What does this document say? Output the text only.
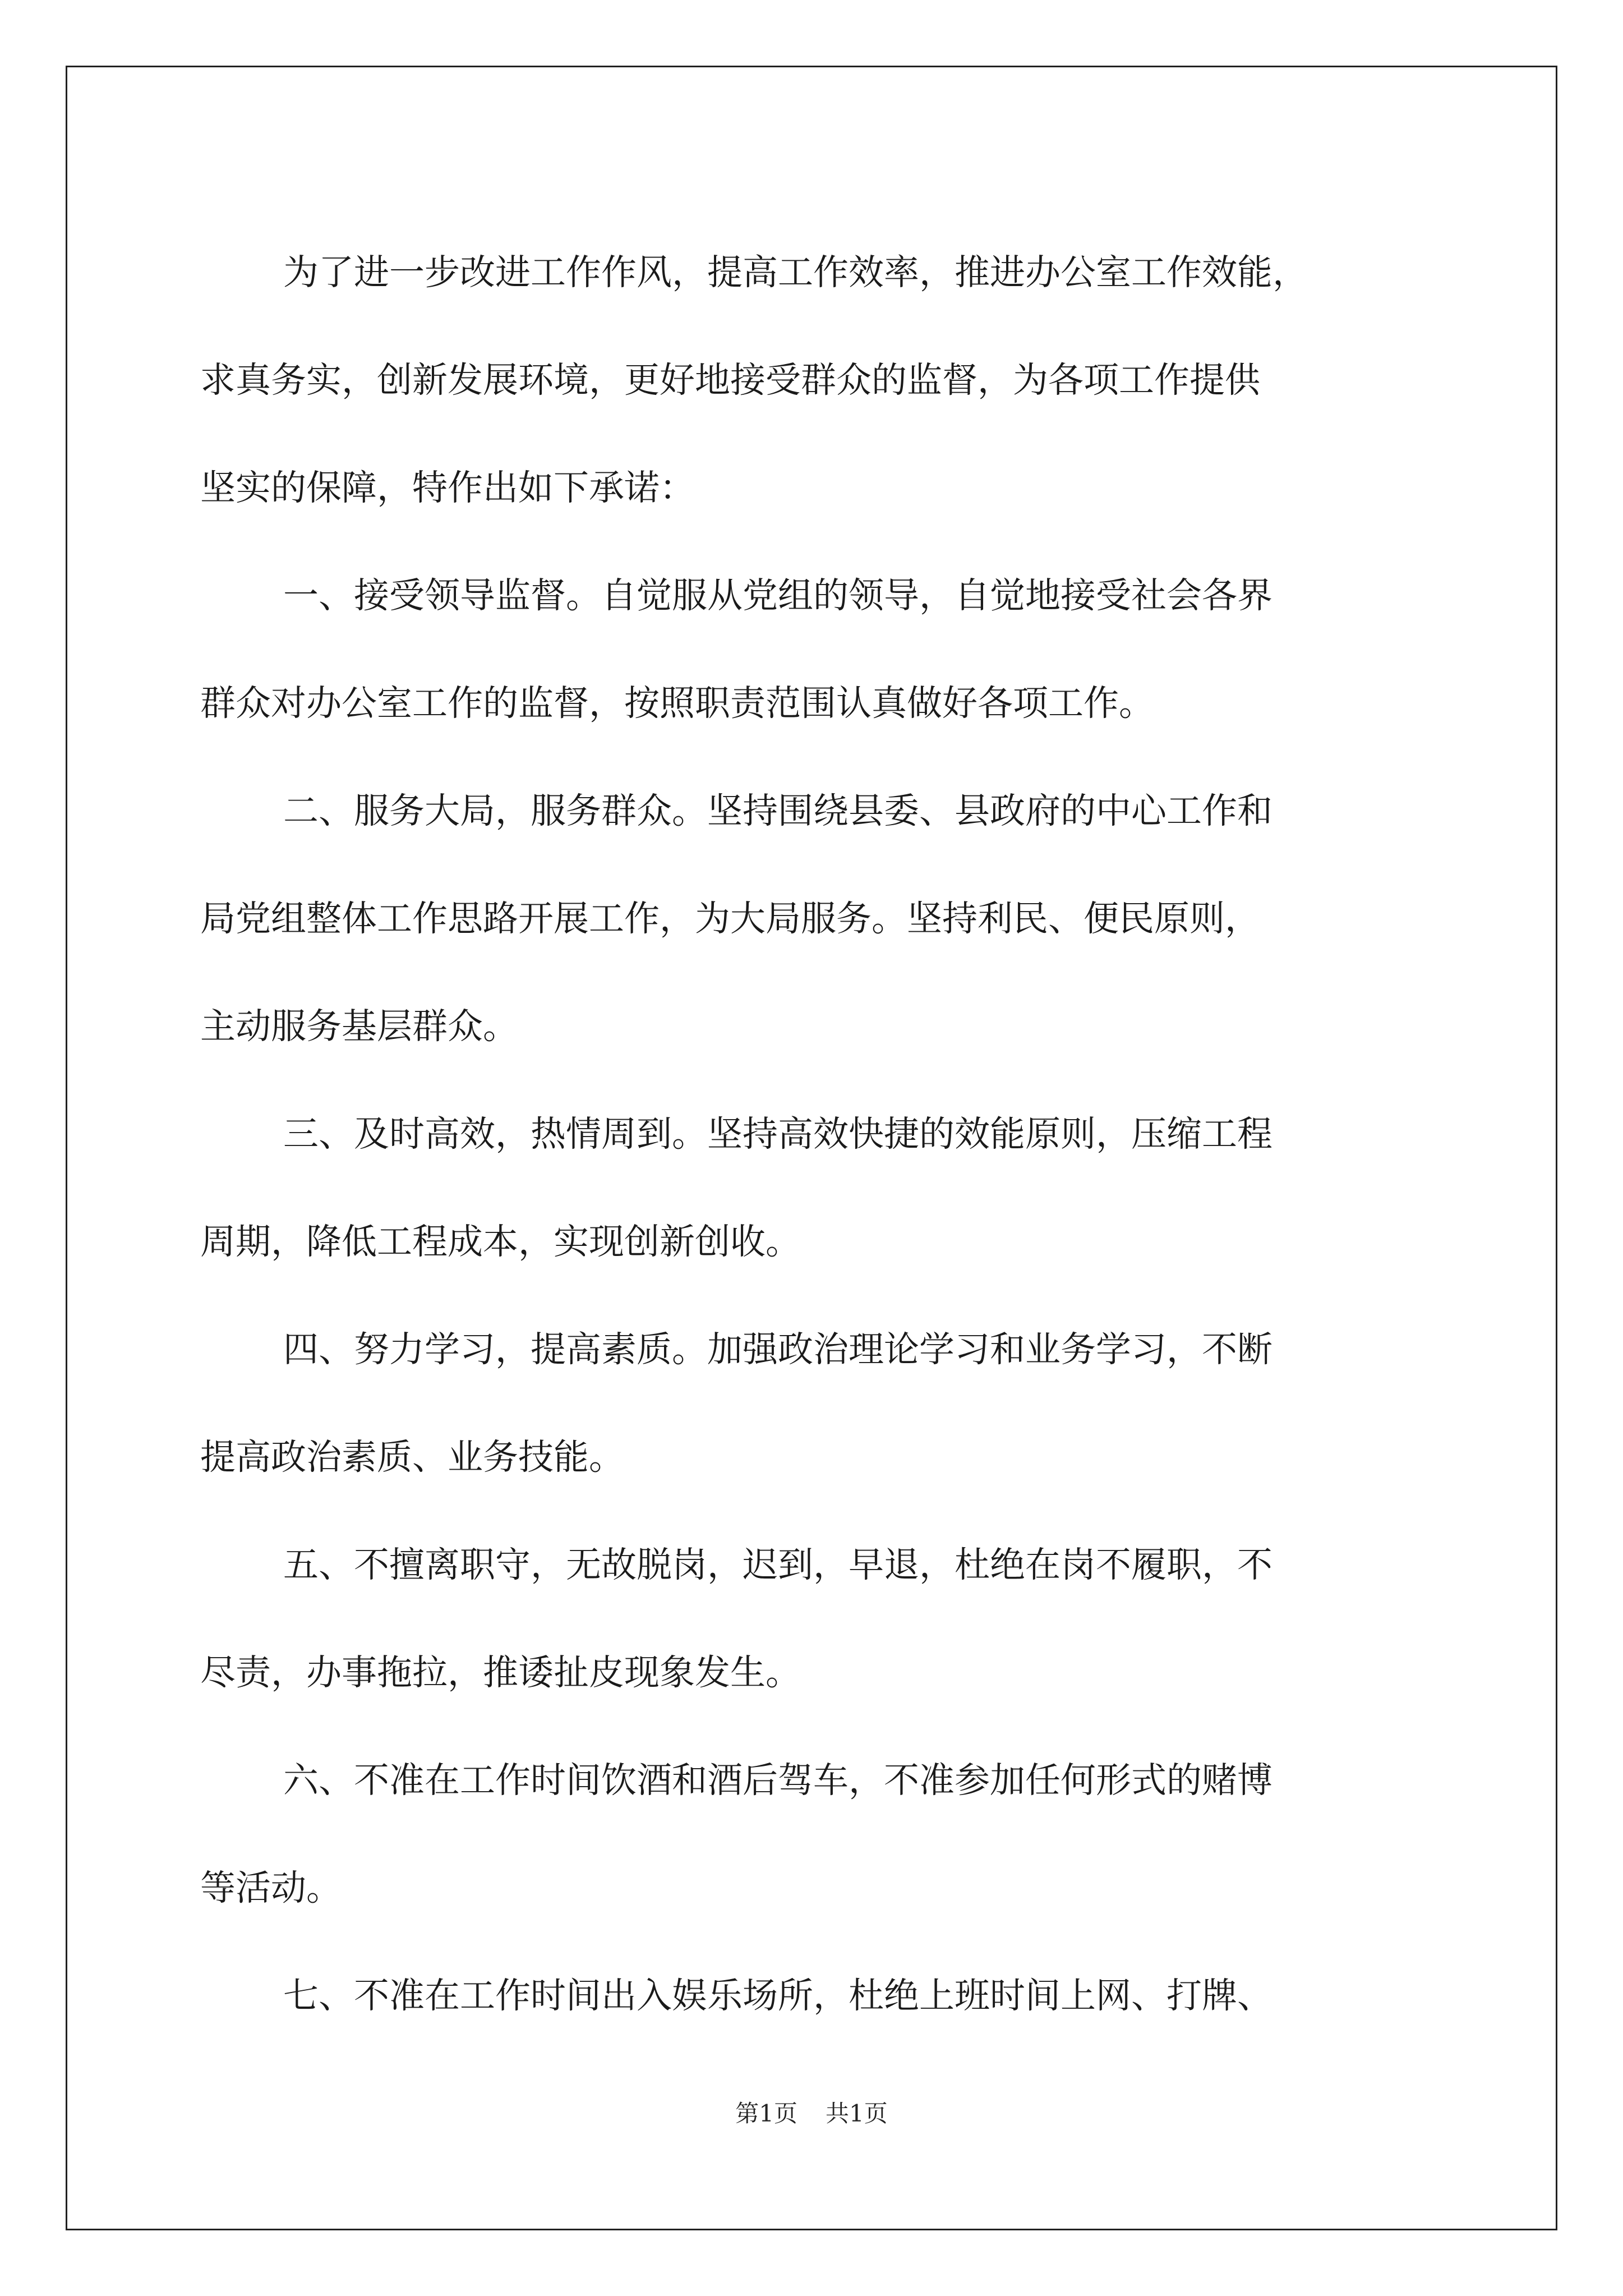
为了进一步改进工作作风，提高工作效率，推进办公室工作效能，
求真务实，创新发展环境，更好地接受群众的监督，为各项工作提供
坚实的保障，特作出如下承诺：
一、接受领导监督。自觉服从党组的领导，自觉地接受社会各界
群众对办公室工作的监督，按照职责范围认真做好各项工作。
二、服务大局，服务群众。坚持围绕县委、县政府的中心工作和
局党组整体工作思路开展工作，为大局服务。坚持利民、便民原则，
主动服务基层群众。
三、及时高效，热情周到。坚持高效快捷的效能原则，压缩工程
周期，降低工程成本，实现创新创收。
四、努力学习，提高素质。加强政治理论学习和业务学习，不断
提高政治素质、业务技能。
五、不擅离职守，无故脱岗，迟到，早退，杜绝在岗不履职，不
尽责，办事拖拉，推诿扯皮现象发生。
六、不准在工作时间饮酒和酒后驾车，不准参加任何形式的赌博
等活动。
七、不准在工作时间出入娱乐场所，杜绝上班时间上网、打牌、
第1页 共1页
